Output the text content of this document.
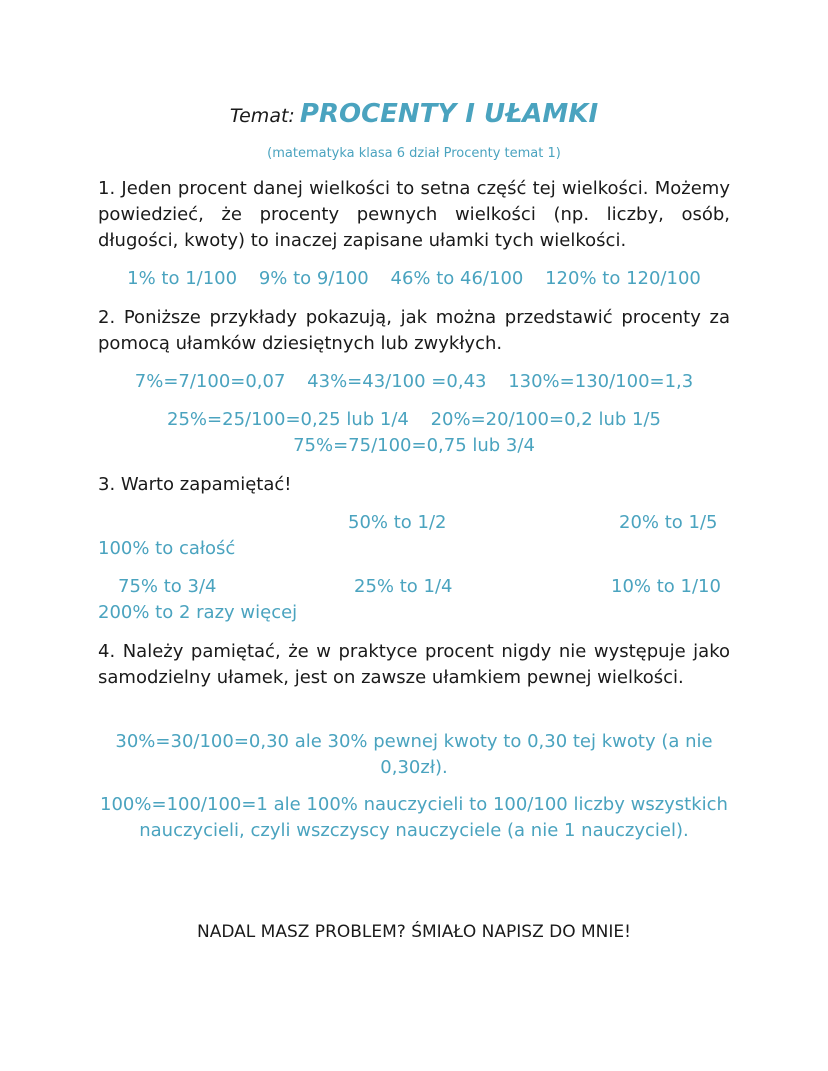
Temat: PROCENTY I UŁAMKI
(matematyka klasa 6 dział Procenty temat 1)
1. Jeden procent danej wielkości to setna część tej wielkości. Możemy powiedzieć, że procenty pewnych wielkości (np. liczby, osób, długości, kwoty) to inaczej zapisane ułamki tych wielkości.
1% to 1/100 9% to 9/100 46% to 46/100 120% to 120/100
2. Poniższe przykłady pokazują, jak można przedstawić procenty za pomocą ułamków dziesiętnych lub zwykłych.
7%=7/100=0,07 43%=43/100 =0,43 130%=130/100=1,3
25%=25/100=0,25 lub 1/4 20%=20/100=0,2 lub 1/5
75%=75/100=0,75 lub 3/4
3. Warto zapamiętać!
50% to 1/2	20% to 1/5
100% to całość
75% to 3/4	25% to 1/4	10% to 1/10
200% to 2 razy więcej
4. Należy pamiętać, że w praktyce procent nigdy nie występuje jako samodzielny ułamek, jest on zawsze ułamkiem pewnej wielkości.
30%=30/100=0,30 ale 30% pewnej kwoty to 0,30 tej kwoty (a nie 0,30zł).
100%=100/100=1 ale 100% nauczycieli to 100/100 liczby wszystkich nauczycieli, czyli wszczyscy nauczyciele (a nie 1 nauczyciel).
NADAL MASZ PROBLEM? ŚMIAŁO NAPISZ DO MNIE!
